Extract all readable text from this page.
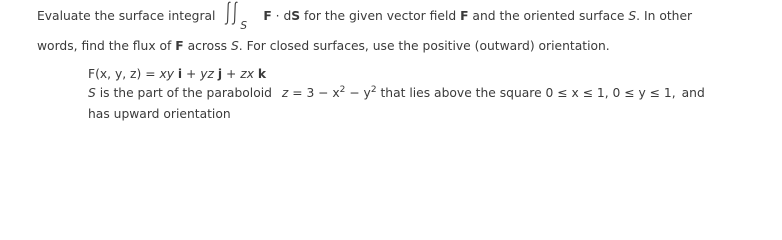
Evaluate the surface integral
S
F · dS for the given vector field F and the oriented surface S. In other
words, find the flux of F across S. For closed surfaces, use the positive (outward) orientation.
F(x, y, z) = xy i + yz j + zx k
S is the part of the paraboloid $z = 3 - x^2 - y^2$ that lies above the square 0 ≤ x ≤ 1, 0 ≤ y ≤ 1, and
has upward orientation
